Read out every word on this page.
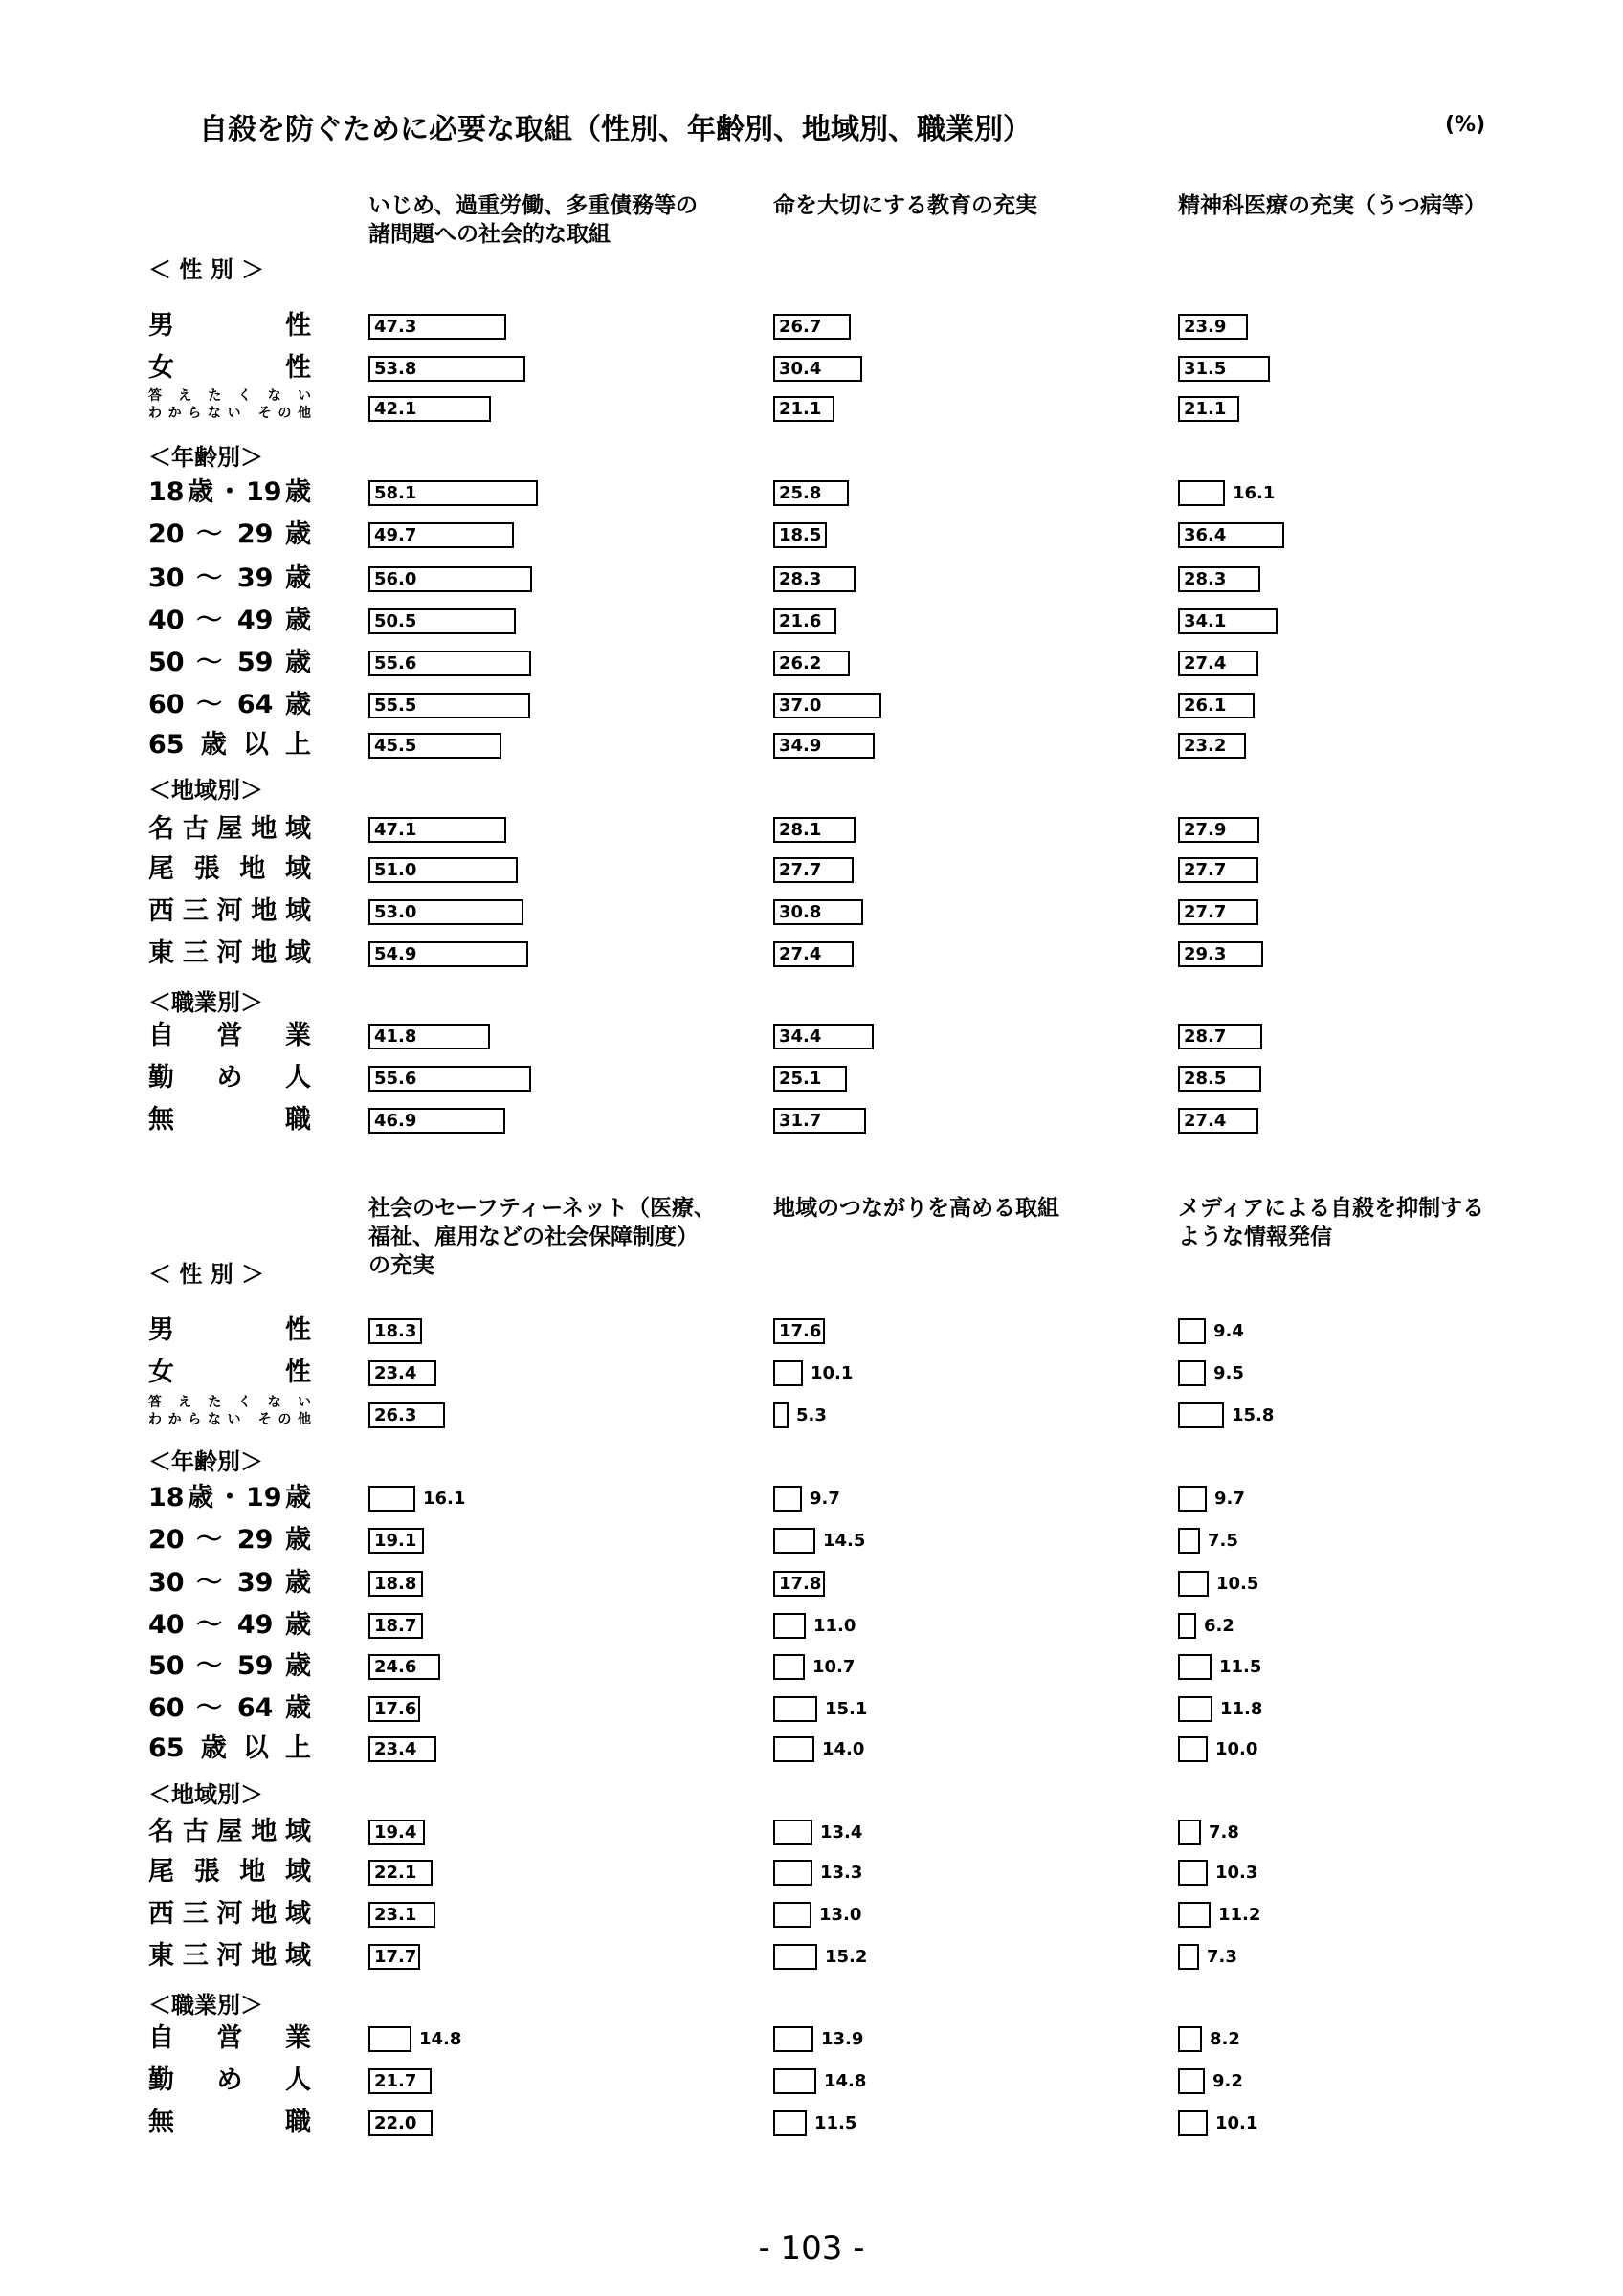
自殺を防ぐために必要な取組（性別、年齢別、地域別、職業別）	(%)
＜ 性 別 ＞
＜年齢別＞
＜地域別＞
＜職業別＞
男　性
女　性
答えたくない
わからない その他
18歳・19歳
20 ～ 29 歳
30 ～ 39 歳
40 ～ 49 歳
50 ～ 59 歳
60 ～ 64 歳
65歳以上
名古屋地域
尾張地域
西三河地域
東三河地域
自営業
勤め人
無　職
いじめ、過重労働、多重債務等の
諸問題への社会的な取組
47.3
53.8
42.1
58.1
49.7
56.0
50.5
55.6
55.5
45.5
47.1
51.0
53.0
54.9
41.8
55.6
46.9
命を大切にする教育の充実
26.7
30.4
21.1
25.8
18.5
28.3
21.6
26.2
37.0
34.9
28.1
27.7
30.8
27.4
34.4
25.1
31.7
精神科医療の充実（うつ病等）
23.9
31.5
21.1
16.1
36.4
28.3
34.1
27.4
26.1
23.2
27.9
27.7
27.7
29.3
28.7
28.5
27.4
＜ 性 別 ＞
＜年齢別＞
＜地域別＞
＜職業別＞
男　性
女　性
答えたくない
わからない その他
18歳・19歳
20 ～ 29 歳
30 ～ 39 歳
40 ～ 49 歳
50 ～ 59 歳
60 ～ 64 歳
65歳以上
名古屋地域
尾張地域
西三河地域
東三河地域
自営業
勤め人
無　職
社会のセーフティーネット（医療、
福祉、雇用などの社会保障制度）
の充実
18.3
23.4
26.3
16.1
19.1
18.8
18.7
24.6
17.6
23.4
19.4
22.1
23.1
17.7
14.8
21.7
22.0
地域のつながりを高める取組
17.6
10.1
5.3
9.7
14.5
17.8
11.0
10.7
15.1
14.0
13.4
13.3
13.0
15.2
13.9
14.8
11.5
メディアによる自殺を抑制する
ような情報発信
9.4
9.5
15.8
9.7
7.5
10.5
6.2
11.5
11.8
10.0
7.8
10.3
11.2
7.3
8.2
9.2
10.1
- 103 -
